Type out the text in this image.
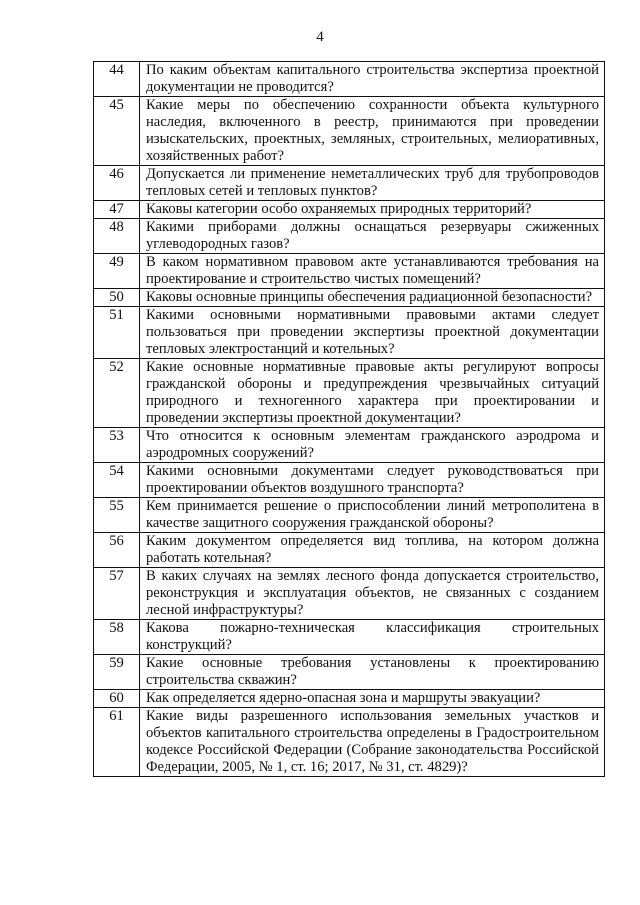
4
44	По каким объектам капитального строительства экспертиза проектной документации не проводится?
45	Какие меры по обеспечению сохранности объекта культурного наследия, включенного в реестр, принимаются при проведении изыскательских, проектных, земляных, строительных, мелиоративных, хозяйственных работ?
46	Допускается ли применение неметаллических труб для трубопроводов тепловых сетей и тепловых пунктов?
47	Каковы категории особо охраняемых природных территорий?
48	Какими приборами должны оснащаться резервуары сжиженных углеводородных газов?
49	В каком нормативном правовом акте устанавливаются требования на проектирование и строительство чистых помещений?
50	Каковы основные принципы обеспечения радиационной безопасности?
51	Какими основными нормативными правовыми актами следует пользоваться при проведении экспертизы проектной документации тепловых электростанций и котельных?
52	Какие основные нормативные правовые акты регулируют вопросы гражданской обороны и предупреждения чрезвычайных ситуаций природного и техногенного характера при проектировании и проведении экспертизы проектной документации?
53	Что относится к основным элементам гражданского аэродрома и аэродромных сооружений?
54	Какими основными документами следует руководствоваться при проектировании объектов воздушного транспорта?
55	Кем принимается решение о приспособлении линий метрополитена в качестве защитного сооружения гражданской обороны?
56	Каким документом определяется вид топлива, на котором должна работать котельная?
57	В каких случаях на землях лесного фонда допускается строительство, реконструкция и эксплуатация объектов, не связанных с созданием лесной инфраструктуры?
58	Какова пожарно-техническая классификация строительных конструкций?
59	Какие основные требования установлены к проектированию строительства скважин?
60	Как определяется ядерно-опасная зона и маршруты эвакуации?
61	Какие виды разрешенного использования земельных участков и объектов капитального строительства определены в Градостроительном кодексе Российской Федерации (Собрание законодательства Российской Федерации, 2005, № 1, ст. 16; 2017, № 31, ст. 4829)?
